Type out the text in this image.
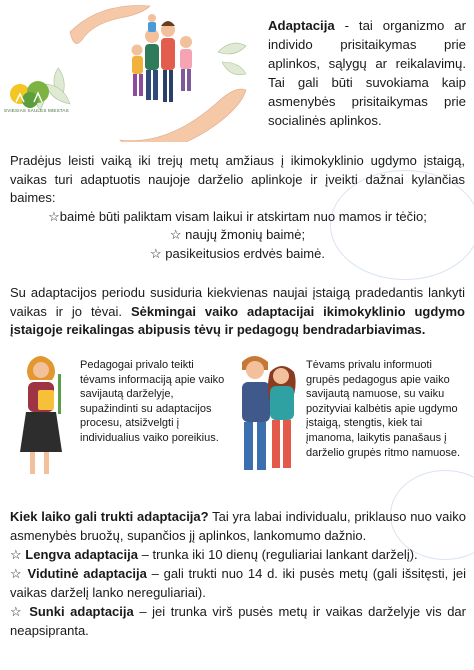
SVIESIAS SAULES MIESTAS
Adaptacija - tai organizmo ar individo prisitaikymas prie aplinkos, sąlygų ar reikalavimų. Tai gali būti suvokiama kaip asmenybės prisitaikymas prie socialinės aplinkos.
Pradėjus leisti vaiką iki trejų metų amžiaus į ikimokyklinio ugdymo įstaigą, vaikas turi adaptuotis naujoje darželio aplinkoje ir įveikti dažnai kylančias baimes:
☆baimė būti paliktam visam laikui ir atskirtam nuo mamos ir tėčio;
☆ naujų žmonių baimė;
☆ pasikeitusios erdvės baimė.
Su adaptacijos periodu susiduria kiekvienas naujai įstaigą pradedantis lankyti vaikas ir jo tėvai. Sėkmingai vaiko adaptacijai ikimokyklinio ugdymo įstaigoje reikalingas abipusis tėvų ir pedagogų bendradarbiavimas.
Pedagogai privalo teikti tėvams informaciją apie vaiko savijautą darželyje, supažindinti su adaptacijos procesu, atsižvelgti į individualius vaiko poreikius.
Tėvams privalu informuoti grupės pedagogus apie vaiko savijautą namuose, su vaiku pozityviai kalbėtis apie ugdymo įstaigą, stengtis, kiek tai įmanoma, laikytis panašaus į darželio grupės ritmo namuose.
Kiek laiko gali trukti adaptacija? Tai yra labai individualu, priklauso nuo vaiko asmenybės bruožų, supančios jį aplinkos, lankomumo dažnio.
☆ Lengva adaptacija – trunka iki 10 dienų (reguliariai lankant darželį).
☆ Vidutinė adaptacija – gali trukti nuo 14 d. iki pusės metų (gali išsitęsti, jei vaikas darželį lanko nereguliariai).
☆ Sunki adaptacija – jei trunka virš pusės metų ir vaikas darželyje vis dar neapsipranta.
